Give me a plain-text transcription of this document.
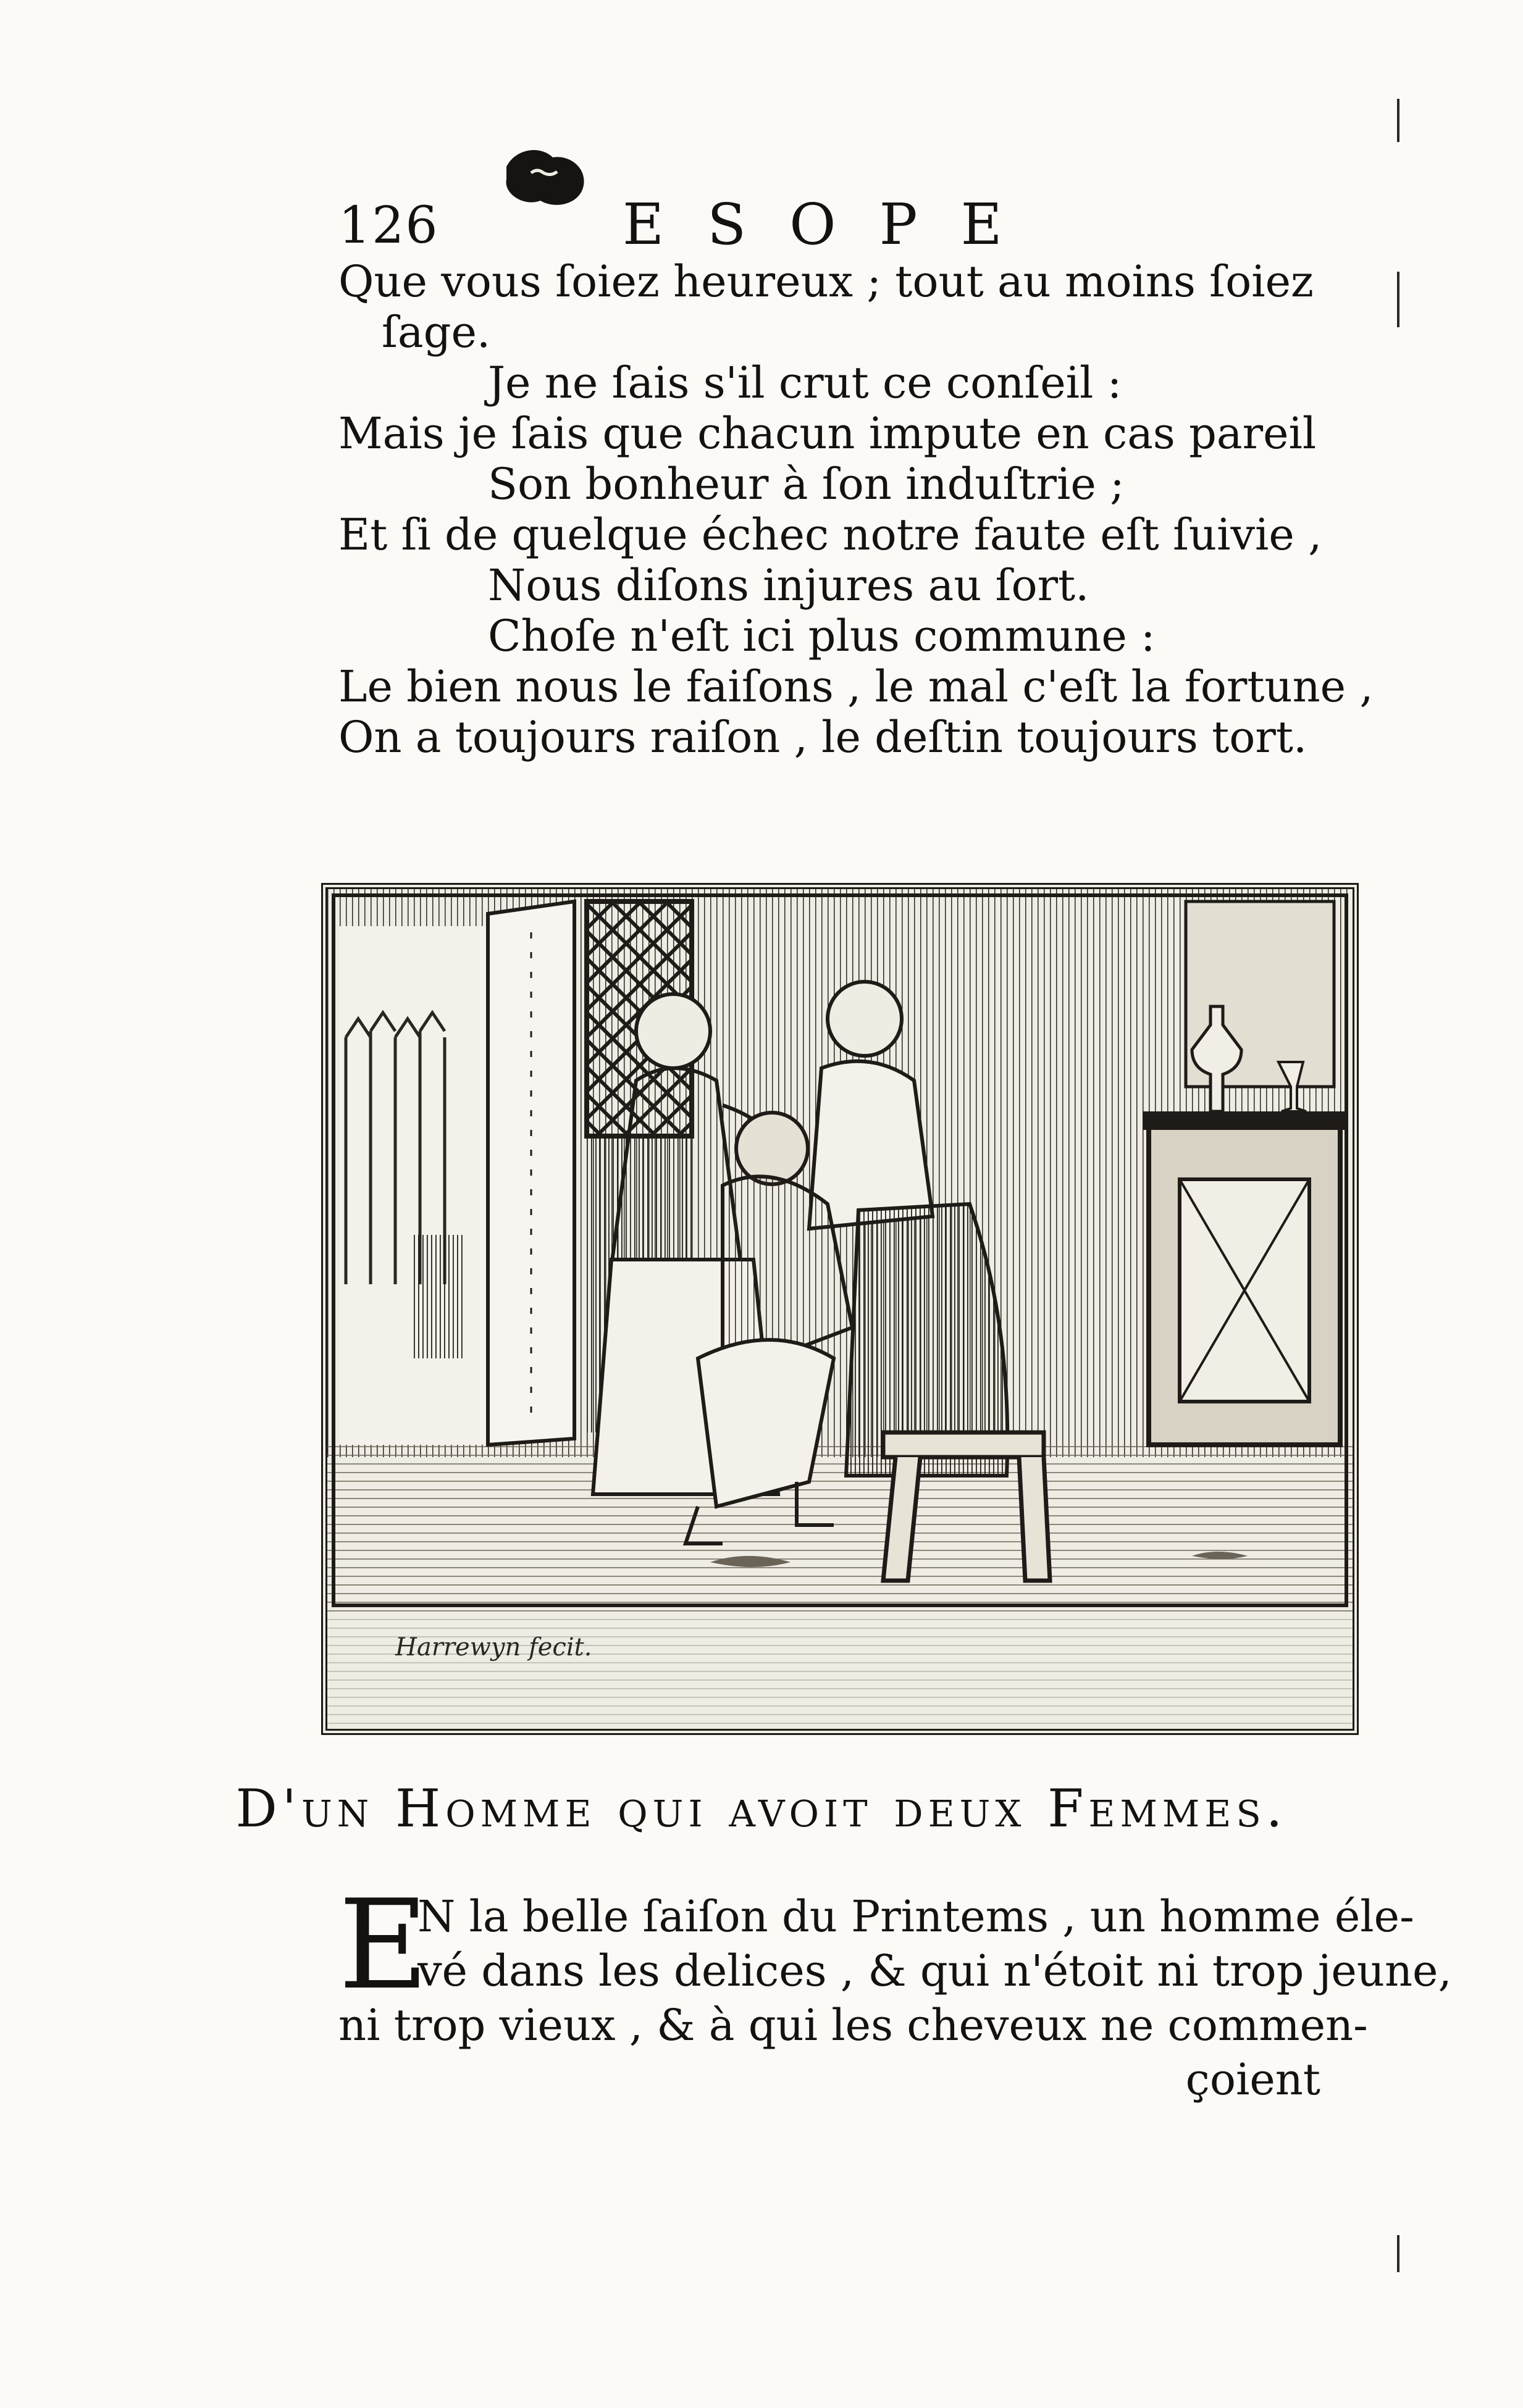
126	ESOPE
Que vous ſoiez heureux ; tout au moins ſoiez
ſage.
Je ne ſais s'il crut ce conſeil :
Mais je ſais que chacun impute en cas pareil
Son bonheur à ſon induſtrie ;
Et ſi de quelque échec notre faute eſt ſuivie ,
Nous diſons injures au ſort.
Choſe n'eſt ici plus commune :
Le bien nous le faiſons , le mal c'eſt la fortune ,
On a toujours raiſon , le deſtin toujours tort.
Harrewyn fecit.
D'un Homme qui avoit deux Femmes.
E
N la belle ſaiſon du Printems , un homme éle-
vé dans les delices , & qui n'étoit ni trop jeune,
ni trop vieux , & à qui les cheveux ne commen-
çoient
